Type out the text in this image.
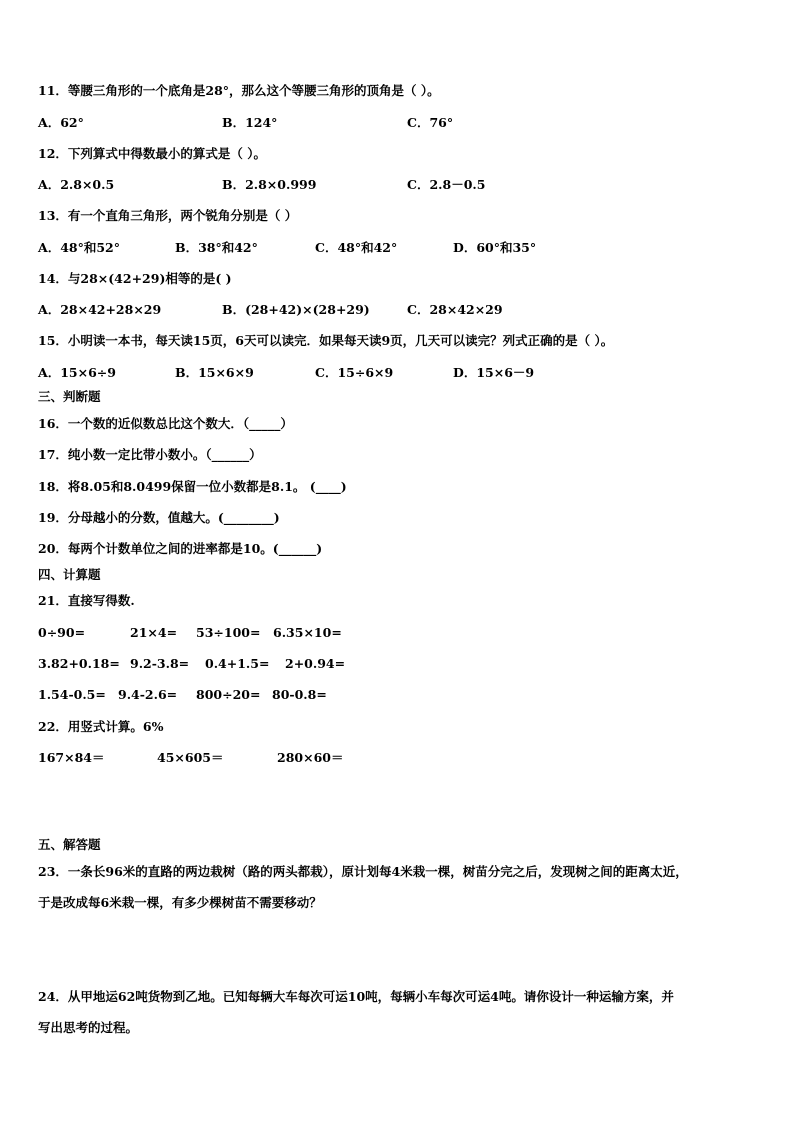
11．等腰三角形的一个底角是28°，那么这个等腰三角形的顶角是（ ）。
A．62°	B．124°	C．76°
12．下列算式中得数最小的算式是（ ）。
A．2.8×0.5	B．2.8×0.999	C．2.8－0.5
13．有一个直角三角形，两个锐角分别是（ ）
A．48°和52°	B．38°和42°	C．48°和42°	D．60°和35°
14．与28×(42+29)相等的是( )
A．28×42+28×29	B．(28+42)×(28+29)	C．28×42×29
15．小明读一本书，每天读15页，6天可以读完．如果每天读9页，几天可以读完？列式正确的是（ ）。
A．15×6÷9	B．15×6×9	C．15÷6×9	D．15×6－9
三、判断题
16．一个数的近似数总比这个数大．（_____）
17．纯小数一定比带小数小。（______）
18．将8.05和8.0499保留一位小数都是8.1。 (____)
19．分母越小的分数，值越大。(________)
20．每两个计数单位之间的进率都是10。(______)
四、计算题
21．直接写得数.
0÷90=	21×4= 53÷100= 6.35×10=
3.82+0.18= 9.2-3.8= 0.4+1.5= 2+0.94=
1.54-0.5= 9.4-2.6= 800÷20= 80-0.8=
22．用竖式计算。6%
167×84＝	45×605＝	280×60＝
五、解答题
23．一条长96米的直路的两边栽树（路的两头都栽），原计划每4米栽一棵，树苗分完之后，发现树之间的距离太近，
于是改成每6米栽一棵，有多少棵树苗不需要移动？
24．从甲地运62吨货物到乙地。已知每辆大车每次可运10吨，每辆小车每次可运4吨。请你设计一种运输方案，并
写出思考的过程。
